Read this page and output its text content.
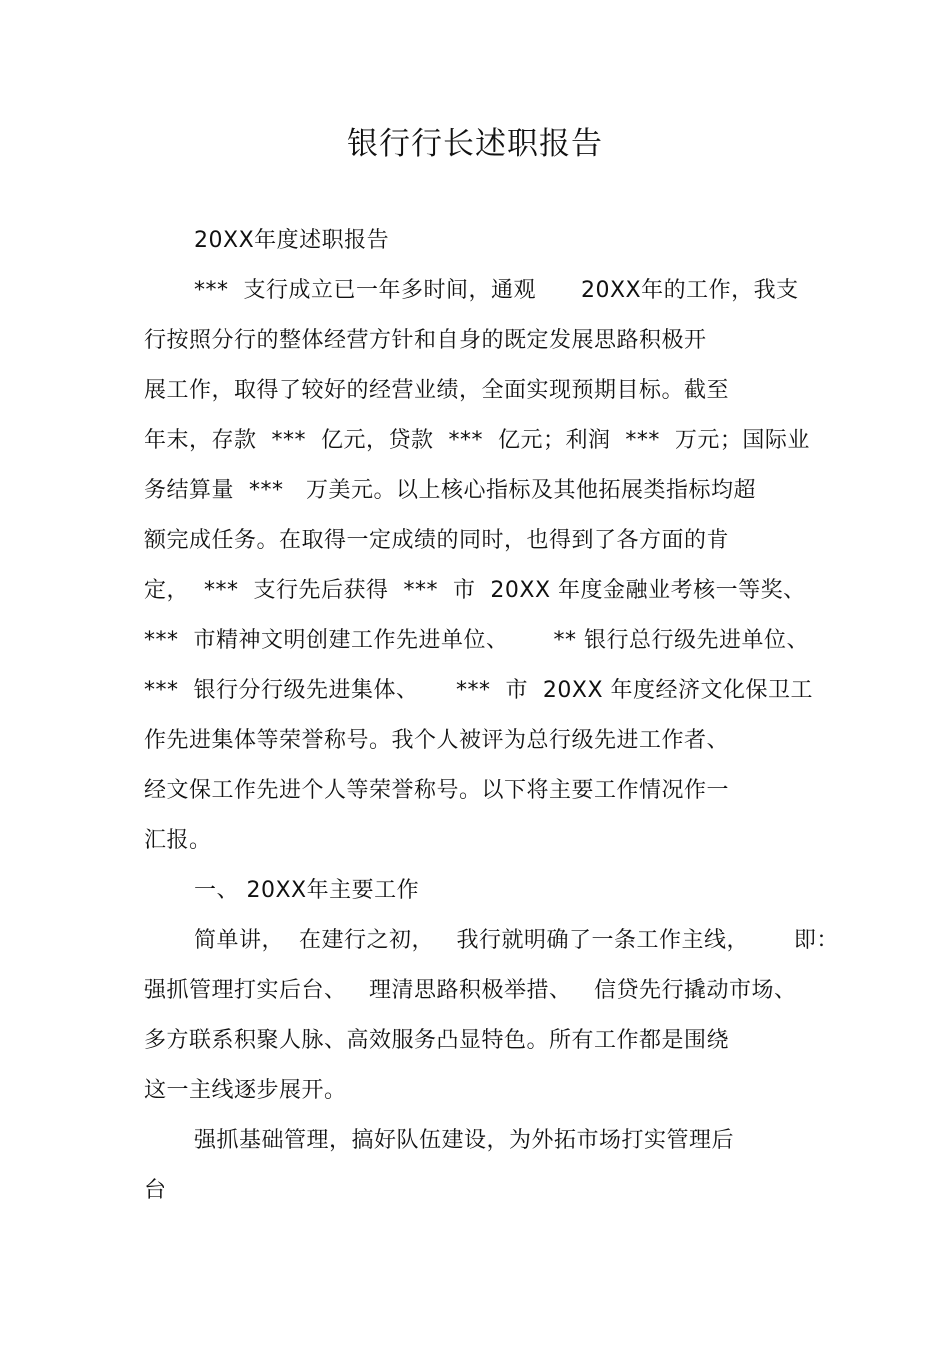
银行行长述职报告
20XX年度述职报告
***  支行成立已一年多时间，通观      20XX年的工作，我支
行按照分行的整体经营方针和自身的既定发展思路积极开
展工作，取得了较好的经营业绩，全面实现预期目标。截至
年末，存款  ***  亿元，贷款  ***  亿元；利润  ***  万元；国际业
务结算量  ***   万美元。以上核心指标及其他拓展类指标均超
额完成任务。在取得一定成绩的同时，也得到了各方面的肯
定，  ***  支行先后获得  ***  市  20XX 年度金融业考核一等奖、
***  市精神文明创建工作先进单位、      ** 银行总行级先进单位、
***  银行分行级先进集体、     ***  市  20XX 年度经济文化保卫工
作先进集体等荣誉称号。我个人被评为总行级先进工作者、
经文保工作先进个人等荣誉称号。以下将主要工作情况作一
汇报。
一、 20XX年主要工作
简单讲，  在建行之初，   我行就明确了一条工作主线，      即：
强抓管理打实后台、   理清思路积极举措、   信贷先行撬动市场、
多方联系积聚人脉、高效服务凸显特色。所有工作都是围绕
这一主线逐步展开。
强抓基础管理，搞好队伍建设，为外拓市场打实管理后
台
